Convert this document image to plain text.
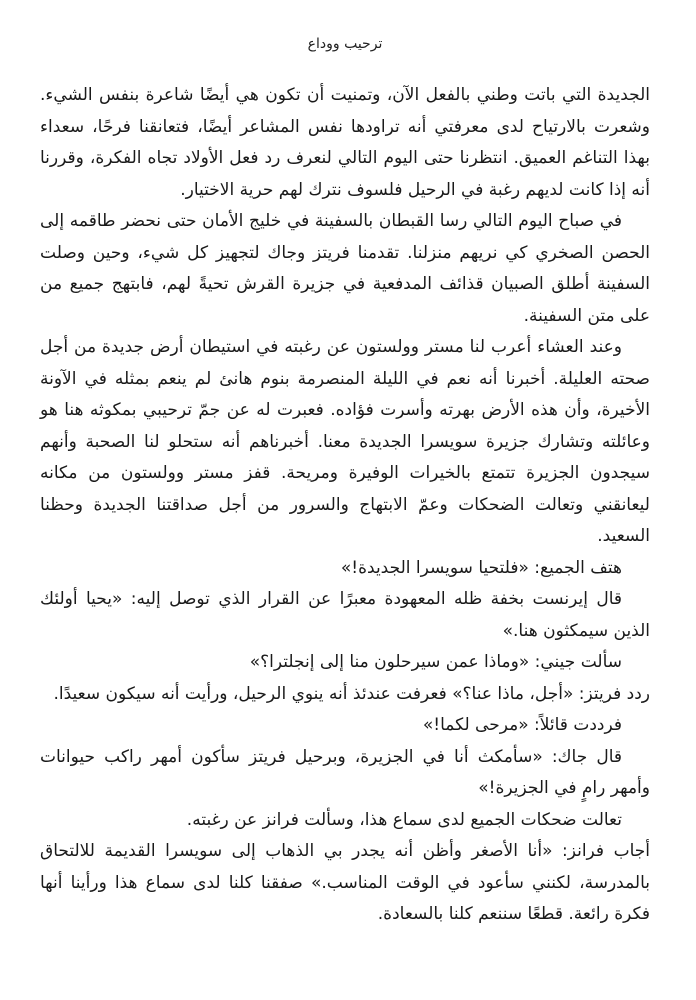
ترحيب ووداع

الجديدة التي باتت وطني بالفعل الآن، وتمنيت أن تكون هي أيضًا شاعرة بنفس الشيء. وشعرت بالارتياح لدى معرفتي أنه تراودها نفس المشاعر أيضًا، فتعانقنا فرحًا، سعداء بهذا التناغم العميق. انتظرنا حتى اليوم التالي لنعرف رد فعل الأولاد تجاه الفكرة، وقررنا أنه إذا كانت لديهم رغبة في الرحيل فلسوف نترك لهم حرية الاختيار.

في صباح اليوم التالي رسا القبطان بالسفينة في خليج الأمان حتى نحضر طاقمه إلى الحصن الصخري كي نريهم منزلنا. تقدمنا فريتز وجاك لتجهيز كل شيء، وحين وصلت السفينة أطلق الصبيان قذائف المدفعية في جزيرة القرش تحيةً لهم، فابتهج جميع من على متن السفينة.

وعند العشاء أعرب لنا مستر وولستون عن رغبته في استيطان أرض جديدة من أجل صحته العليلة. أخبرنا أنه نعم في الليلة المنصرمة بنوم هانئ لم ينعم بمثله في الآونة الأخيرة، وأن هذه الأرض بهرته وأسرت فؤاده. فعبرت له عن جمّ ترحيبي بمكوثه هنا هو وعائلته وتشارك جزيرة سويسرا الجديدة معنا. أخبرناهم أنه ستحلو لنا الصحبة وأنهم سيجدون الجزيرة تتمتع بالخيرات الوفيرة ومريحة. قفز مستر وولستون من مكانه ليعانقني وتعالت الضحكات وعمّ الابتهاج والسرور من أجل صداقتنا الجديدة وحظنا السعيد.

هتف الجميع: «فلتحيا سويسرا الجديدة!»

قال إيرنست بخفة ظله المعهودة معبرًا عن القرار الذي توصل إليه: «يحيا أولئك الذين سيمكثون هنا.»

سألت جيني: «وماذا عمن سيرحلون منا إلى إنجلترا؟»

ردد فريتز: «أجل، ماذا عنا؟» فعرفت عندئذ أنه ينوي الرحيل، ورأيت أنه سيكون سعيدًا.

فرددت قائلاً: «مرحى لكما!»

قال جاك: «سأمكث أنا في الجزيرة، وبرحيل فريتز سأكون أمهر راكب حيوانات وأمهر رامٍ في الجزيرة!»

تعالت ضحكات الجميع لدى سماع هذا، وسألت فرانز عن رغبته.

أجاب فرانز: «أنا الأصغر وأظن أنه يجدر بي الذهاب إلى سويسرا القديمة للالتحاق بالمدرسة، لكنني سأعود في الوقت المناسب.» صفقنا كلنا لدى سماع هذا ورأينا أنها فكرة رائعة. قطعًا سننعم كلنا بالسعادة.
